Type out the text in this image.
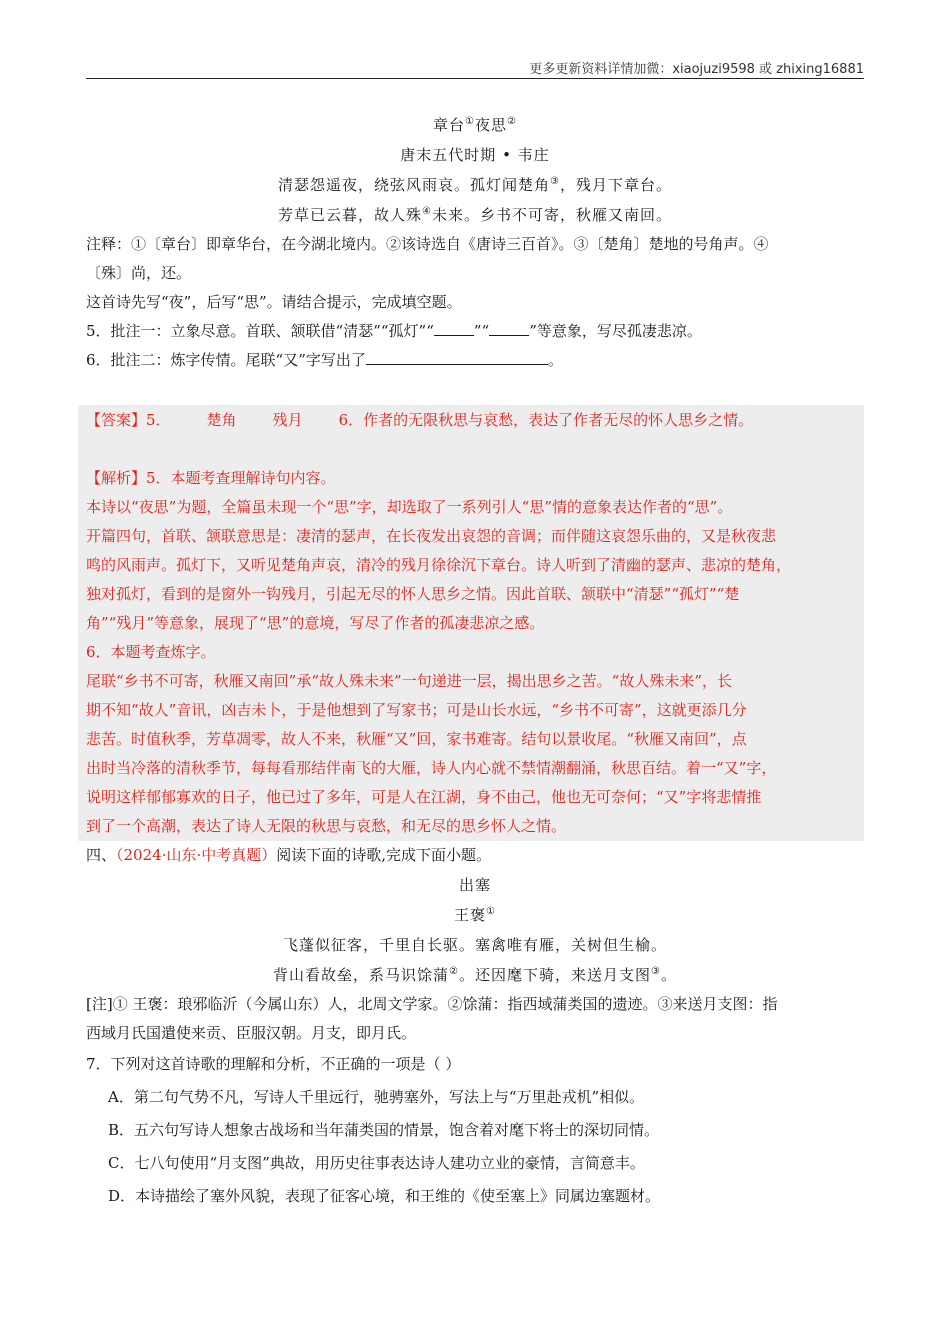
更多更新资料详情加微：xiaojuzi9598 或 zhixing16881
章台①夜思②
唐末五代时期 • 韦庄
清瑟怨遥夜，绕弦风雨哀。孤灯闻楚角③，残月下章台。
芳草已云暮，故人殊④未来。乡书不可寄，秋雁又南回。

注释：①〔章台〕即章华台，在今湖北境内。②该诗选自《唐诗三百首》。③〔楚角〕楚地的号角声。④

〔殊〕尚，还。

这首诗先写“夜”，后写“思”。请结合提示，完成填空题。

5．批注一：立象尽意。首联、颔联借“清瑟”“孤灯”“	”“	”等意象，写尽孤凄悲凉。

6．批注二：炼字传情。尾联“又”字写出了	。

【答案】5． 楚角 残月 6．作者的无限秋思与哀愁，表达了作者无尽的怀人思乡之情。

【解析】5．本题考查理解诗句内容。

本诗以“夜思”为题，全篇虽未现一个“思”字，却选取了一系列引人“思”情的意象表达作者的“思”。

开篇四句，首联、颔联意思是：凄清的瑟声，在长夜发出哀怨的音调；而伴随这哀怨乐曲的，又是秋夜悲

鸣的风雨声。孤灯下，又听见楚角声哀，清冷的残月徐徐沉下章台。诗人听到了清幽的瑟声、悲凉的楚角，

独对孤灯，看到的是窗外一钩残月，引起无尽的怀人思乡之情。因此首联、颔联中“清瑟”“孤灯”“楚

角”“残月”等意象，展现了“思”的意境，写尽了作者的孤凄悲凉之感。

6．本题考查炼字。

尾联“乡书不可寄，秋雁又南回”承“故人殊未来”一句递进一层，揭出思乡之苦。“故人殊未来”，长

期不知“故人”音讯，凶吉未卜，于是他想到了写家书；可是山长水远，“乡书不可寄”，这就更添几分

悲苦。时值秋季，芳草凋零，故人不来，秋雁“又”回，家书难寄。结句以景收尾。“秋雁又南回”，点

出时当冷落的清秋季节，每每看那结伴南飞的大雁，诗人内心就不禁情潮翻涌，秋思百结。着一“又”字，

说明这样郁郁寡欢的日子，他已过了多年，可是人在江湖，身不由己，他也无可奈何；“又”字将悲情推

到了一个高潮，表达了诗人无限的秋思与哀愁，和无尽的思乡怀人之情。

四、（2024·山东·中考真题）阅读下面的诗歌,完成下面小题。

出塞
王褒①
飞蓬似征客，千里自长驱。塞禽唯有雁，关树但生榆。
背山看故垒，系马识馀蒲②。还因麾下骑，来送月支图③。

[注]① 王褒：琅邪临沂（今属山东）人，北周文学家。②馀蒲：指西域蒲类国的遗迹。③来送月支图：指

西域月氏国遣使来贡、臣服汉朝。月支，即月氏。

7．下列对这首诗歌的理解和分析，不正确的一项是（ ）

A．第二句气势不凡，写诗人千里远行，驰骋塞外，写法上与“万里赴戎机”相似。

B．五六句写诗人想象古战场和当年蒲类国的情景，饱含着对麾下将士的深切同情。

C．七八句使用“月支图”典故，用历史往事表达诗人建功立业的豪情，言简意丰。

D．本诗描绘了塞外风貌，表现了征客心境，和王维的《使至塞上》同属边塞题材。
